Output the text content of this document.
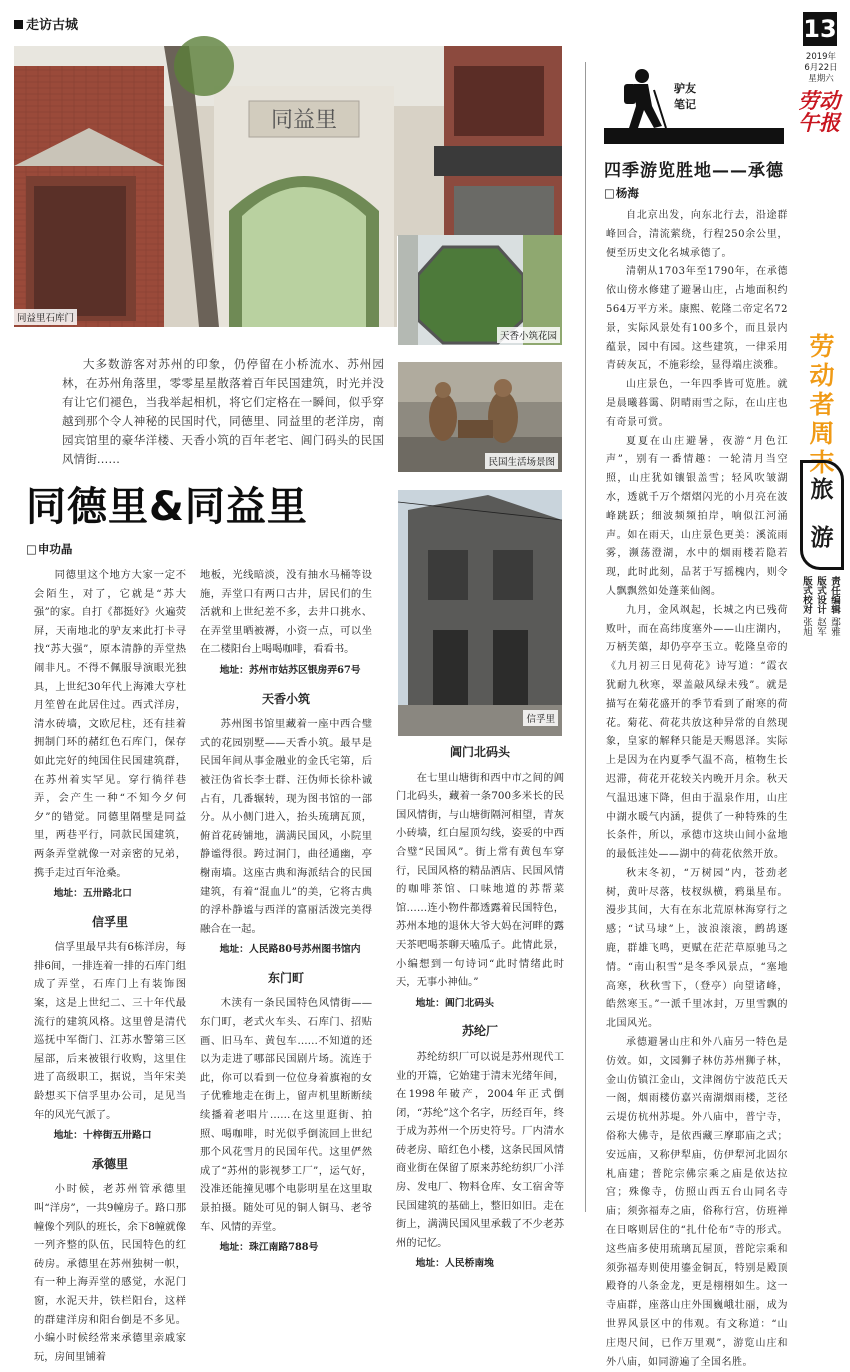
走访古城
同益里
同益里石库门
天香小筑花园

大多数游客对苏州的印象，仍停留在小桥流水、苏州园林，在苏州角落里，零零星星散落着百年民国建筑，时光并没有让它们褪色，当我举起相机，将它们定格在一瞬间，似乎穿越到那个令人神秘的民国时代，同德里、同益里的老洋房，南园宾馆里的豪华洋楼、天香小筑的百年老宅、阊门码头的民国风情街……	民国生活场景图
信孚里
同德里&同益里
□ 申功晶

同德里这个地方大家一定不会陌生，对了，它就是“苏大强”的家。自打《都挺好》火遍荧屏，天南地北的驴友来此打卡寻找“苏大强”，原本清静的弄堂热闹非凡。不得不佩服导演眼光独具，上世纪30年代上海滩大亨杜月笙曾在此居住过。西式洋房，清水砖墙，文欧尼柱，还有挂着拥制门环的赭红色石库门，保存如此完好的纯国住民国建筑群，在苏州着实罕见。穿行徜徉巷弄，会产生一种“不知今夕何夕”的错觉。同德里隔壁是同益里，两巷平行，同款民国建筑，两条弄堂就像一对亲密的兄弟，携手走过百年沧桑。

地址：五卅路北口

信孚里

信孚里最早共有6栋洋房，每排6间，一排连着一排的石库门组成了弄堂，石库门上有装饰图案，这是上世纪二、三十年代最流行的建筑风格。这里曾是清代巡抚中军衙门、江苏水警第三区屋部，后来被银行收购，这里住进了高级职工，据说，当年宋美龄想买下信孚里办公司，足见当年的风光气派了。

地址：十梓街五卅路口

承德里

小时候，老苏州管承德里叫“洋房”，一共9幢房子。路口那幢像个列队的班长，余下8幢就像一列齐整的队伍，民国特色的红砖房。承德里在苏州独树一帜，有一种上海弄堂的感觉，水泥门窗，水泥天井，铁栏阳台，这样的群建洋房和阳台倒是不多见。小编小时候经常来承德里亲戚家玩，房间里铺着

地板，光线暗淡，没有抽水马桶等设施，弄堂口有两口古井，居民们的生活就和上世纪差不多，去井口挑水、在弄堂里晒被褥，小资一点，可以坐在二楼阳台上喝喝咖啡，看看书。

地址：苏州市姑苏区银房弄67号

天香小筑

苏州图书馆里藏着一座中西合璧式的花园别墅——天香小筑。最早是民国年间从事金融业的金氏宅第，后被汪伪省长李士群、汪伪师长徐朴诚占有，几番辗转，现为图书馆的一部分。从小侧门进入，抬头琉璃瓦顶，俯首花砖铺地，满满民国风，小院里静谧得很。跨过洞门，曲径通幽，亭榭南墙。这座古典和海派结合的民国建筑，有着“混血儿”的美，它将古典的浮朴静谧与西洋的富丽活泼完美得融合在一起。

地址：人民路80号苏州图书馆内

东门町

木渎有一条民国特色风情街——东门町，老式火车头、石库门、招贴画、旧马车、黄包车……不知道的还以为走进了哪部民国剧片场。流连于此，你可以看到一位位身着旗袍的女子优雅地走在街上，留声机里断断续续播着老唱片……在这里逛街、拍照、喝咖啡，时光似乎倒流回上世纪那个风花雪月的民国年代。这里俨然成了“苏州的影视梦工厂”，运气好，没准还能撞见哪个电影明星在这里取景拍摄。随处可见的铜人铜马、老爷车、风情的弄堂。

地址：珠江南路788号

阊门北码头

在七里山塘街和西中市之间的阊门北码头，藏着一条700多米长的民国风情街，与山塘街隔河相望，青灰小砖墙，红白屋顶勾线，姿妥的中西合璧“民国风”。街上常有黄包车穿行，民国风格的精品酒店、民国风情的咖啡茶馆、口味地道的苏帮菜馆……连小物件都透露着民国特色，苏州本地的退休大爷大妈在河畔的露天茶吧喝茶聊天嗑瓜子。此情此景，小编想到一句诗词“此时情绪此时天，无事小神仙。”

地址：阊门北码头

苏纶厂

苏纶纺织厂可以说是苏州现代工业的开篇，它始建于清末光绪年间，在1998年破产，2004年正式倒闭，“苏纶”这个名字，历经百年，终于成为苏州一个历史符号。厂内清水砖老房、暗红色小楼，这条民国风情商业街在保留了原来苏纶纺织厂小洋房、发电厂、物料仓库、女工宿舍等民国建筑的基础上，整旧如旧。走在街上，满满民国风里承载了不少老苏州的记忆。

地址：人民桥南堍

驴友
笔记
四季游览胜地——承德
□ 杨海

自北京出发，向东北行去，沿途群峰回合，清流萦绕，行程250余公里，便至历史文化名城承德了。

清朝从1703年至1790年，在承德依山傍水修建了避暑山庄，占地面积约564万平方米。康熙、乾隆二帝定名72景，实际风景处有100多个，而且景内蕴景，园中有园。这些建筑，一律采用青砖灰瓦，不施彩绘，显得端庄淡雅。

山庄景色，一年四季皆可览胜。就是晨曦暮霭、阴晴雨雪之际，在山庄也有奇景可赏。

夏夏在山庄避暑，夜游“月色江声”，别有一番情趣：一轮清月当空照，山庄犹如镶银盖雪；轻风吹皱湖水，透就千万个熠熠闪光的小月亮在波峰跳跃；细波频频拍岸，响似江河涌声。如在雨天，山庄景色更美：溪流雨雾，濒荡澄湖，水中的烟雨楼若隐若现，此时此刻，品茗于写摇槐内，则令人飘飘然如处蓬莱仙阁。

九月，金风飒起，长城之内已残荷败叶，而在高纬度塞外——山庄湖内，万柄芙蕖，却仍亭亭玉立。乾隆皇帝的《九月初三日见荷花》诗写道：“霞衣犹耐九秋寒，翠盖敲风绿未残”。就是描写在菊花盛开的季节看到了耐寒的荷花。菊花、荷花共放这种异常的自然现象，皇家的解释只能是天赐恩泽。实际上是因为在内夏季气温不高，植物生长迟滞，荷花开花较关内晚开月余。秋天气温迅速下降，但由于温泉作用，山庄中湖水暖气内涵，提供了一种特殊的生长条件，所以，承德市这块山间小盆地的最低洼处——湖中的荷花依然开放。

秋末冬初，“万树园”内，苍劲老树，黄叶尽落，枝杈纵横，鸦巢星布。漫步其间，大有在东北荒原林海穿行之感；“试马埭”上，波浪滚滚，鹧鸪逐鹿，群雄飞鸣，更赋在茫茫草原驰马之情。“南山积雪”是冬季风景点，“塞地高寒，秋秋雪下，（登亭）向望诸峰，皓然寒玉。”一派千里冰封，万里雪飘的北国风光。

承德避暑山庄和外八庙另一特色是仿效。如，文园狮子林仿苏州狮子林，金山仿镇江金山，文津阁仿宁波范氏天一阁，烟雨楼仿嘉兴南湖烟雨楼，芝径云堤仿杭州苏堤。外八庙中，普宁寺，俗称大佛寺，是依西藏三摩耶庙之式；安远庙，又称伊犁庙，仿伊犁河北固尔札庙建；普陀宗佛宗乘之庙是依达拉宫；殊像寺，仿照山西五台山同名寺庙；须弥福寿之庙，俗称行宫，仿班禅在日喀则居住的“扎什伦布”寺的形式。这些庙多使用琉璃瓦屋顶，普陀宗乘和须弥福寿则使用鎏金铜瓦，特别是殿顶殿脊的八条金龙，更是栩栩如生。这一寺庙群，座落山庄外围巍峨壮丽，成为世界风景区中的伟观。有文称道：“山庄咫尺间，已作万里观”，游览山庄和外八庙，如同游遍了全国名胜。

13
2019年
6月22日
星期六
劳动午报
劳动者周末
旅游
责任编辑 鄢雅
版式设计 赵军
版式校对 张旭
